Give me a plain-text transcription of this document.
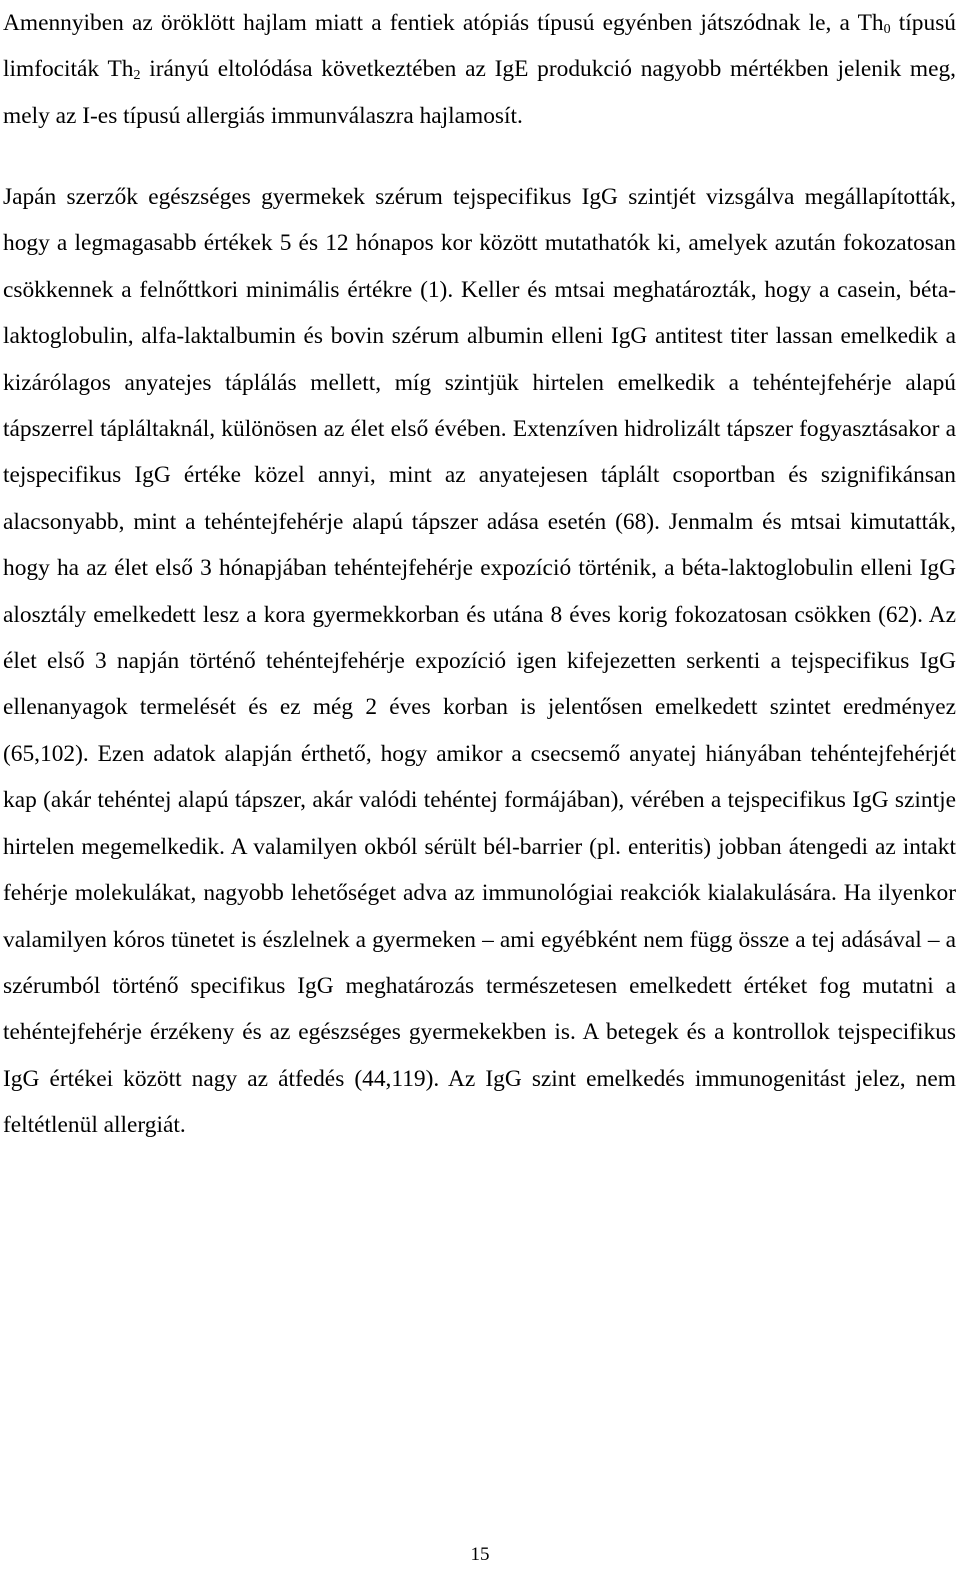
Amennyiben az öröklött hajlam miatt a fentiek atópiás típusú egyénben játszódnak le, a $Th_0$ típusú limfociták $Th_2$ irányú eltolódása következtében az IgE produkció nagyobb mértékben jelenik meg, mely az I-es típusú allergiás immunválaszra hajlamosít.

Japán szerzők egészséges gyermekek szérum tejspecifikus IgG szintjét vizsgálva megállapították, hogy a legmagasabb értékek 5 és 12 hónapos kor között mutathatók ki, amelyek azután fokozatosan csökkennek a felnőttkori minimális értékre (1). Keller és mtsai meghatározták, hogy a casein, béta-laktoglobulin, alfa-laktalbumin és bovin szérum albumin elleni IgG antitest titer lassan emelkedik a kizárólagos anyatejes táplálás mellett, míg szintjük hirtelen emelkedik a tehéntejfehérje alapú tápszerrel tápláltaknál, különösen az élet első évében. Extenzíven hidrolizált tápszer fogyasztásakor a tejspecifikus IgG értéke közel annyi, mint az anyatejesen táplált csoportban és szignifikánsan alacsonyabb, mint a tehéntejfehérje alapú tápszer adása esetén (68). Jenmalm és mtsai kimutatták, hogy ha az élet első 3 hónapjában tehéntejfehérje expozíció történik, a béta-laktoglobulin elleni IgG alosztály emelkedett lesz a kora gyermekkorban és utána 8 éves korig fokozatosan csökken (62). Az élet első 3 napján történő tehéntejfehérje expozíció igen kifejezetten serkenti a tejspecifikus IgG ellenanyagok termelését és ez még 2 éves korban is jelentősen emelkedett szintet eredményez (65,102). Ezen adatok alapján érthető, hogy amikor a csecsemő anyatej hiányában tehéntejfehérjét kap (akár tehéntej alapú tápszer, akár valódi tehéntej formájában), vérében a tejspecifikus IgG szintje hirtelen megemelkedik. A valamilyen okból sérült bél-barrier (pl. enteritis) jobban átengedi az intakt fehérje molekulákat, nagyobb lehetőséget adva az immunológiai reakciók kialakulására. Ha ilyenkor valamilyen kóros tünetet is észlelnek a gyermeken – ami egyébként nem függ össze a tej adásával – a szérumból történő specifikus IgG meghatározás természetesen emelkedett értéket fog mutatni a tehéntejfehérje érzékeny és az egészséges gyermekekben is. A betegek és a kontrollok tejspecifikus IgG értékei között nagy az átfedés (44,119). Az IgG szint emelkedés immunogenitást jelez, nem feltétlenül allergiát.

15
